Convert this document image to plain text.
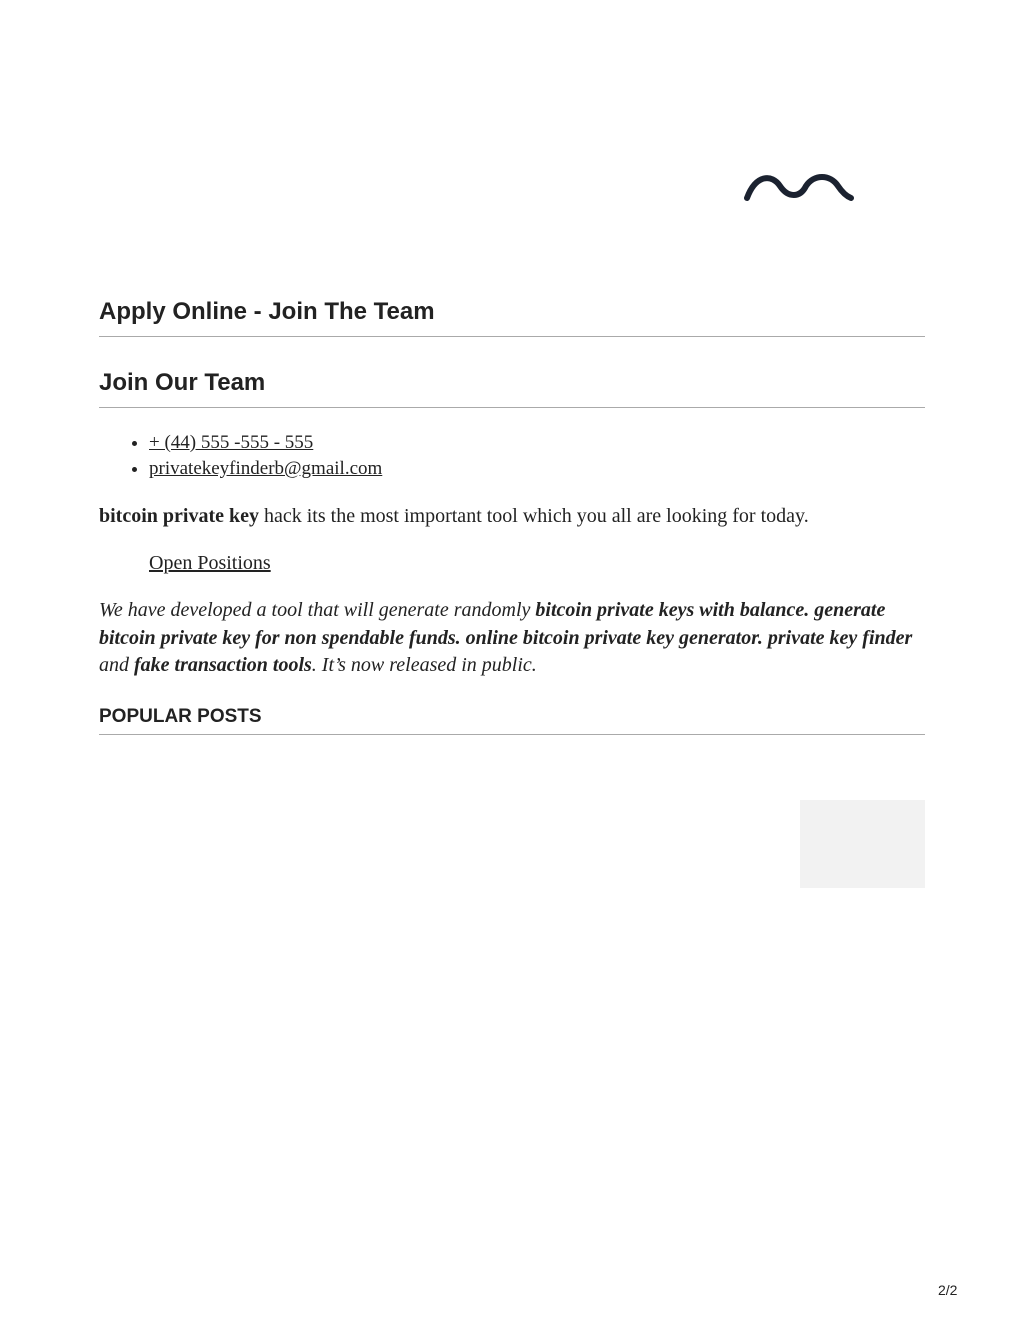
Apply Online - Join The Team
Join Our Team
• + (44) 555 -555 - 555
• privatekeyfinderb@gmail.com

bitcoin private key hack its the most important tool which you all are looking for today.

Open Positions

We have developed a tool that will generate randomly bitcoin private keys with balance. generate bitcoin private key for non spendable funds. online bitcoin private key generator. private key finder and fake transaction tools. It’s now released in public.

POPULAR POSTS
2/2
